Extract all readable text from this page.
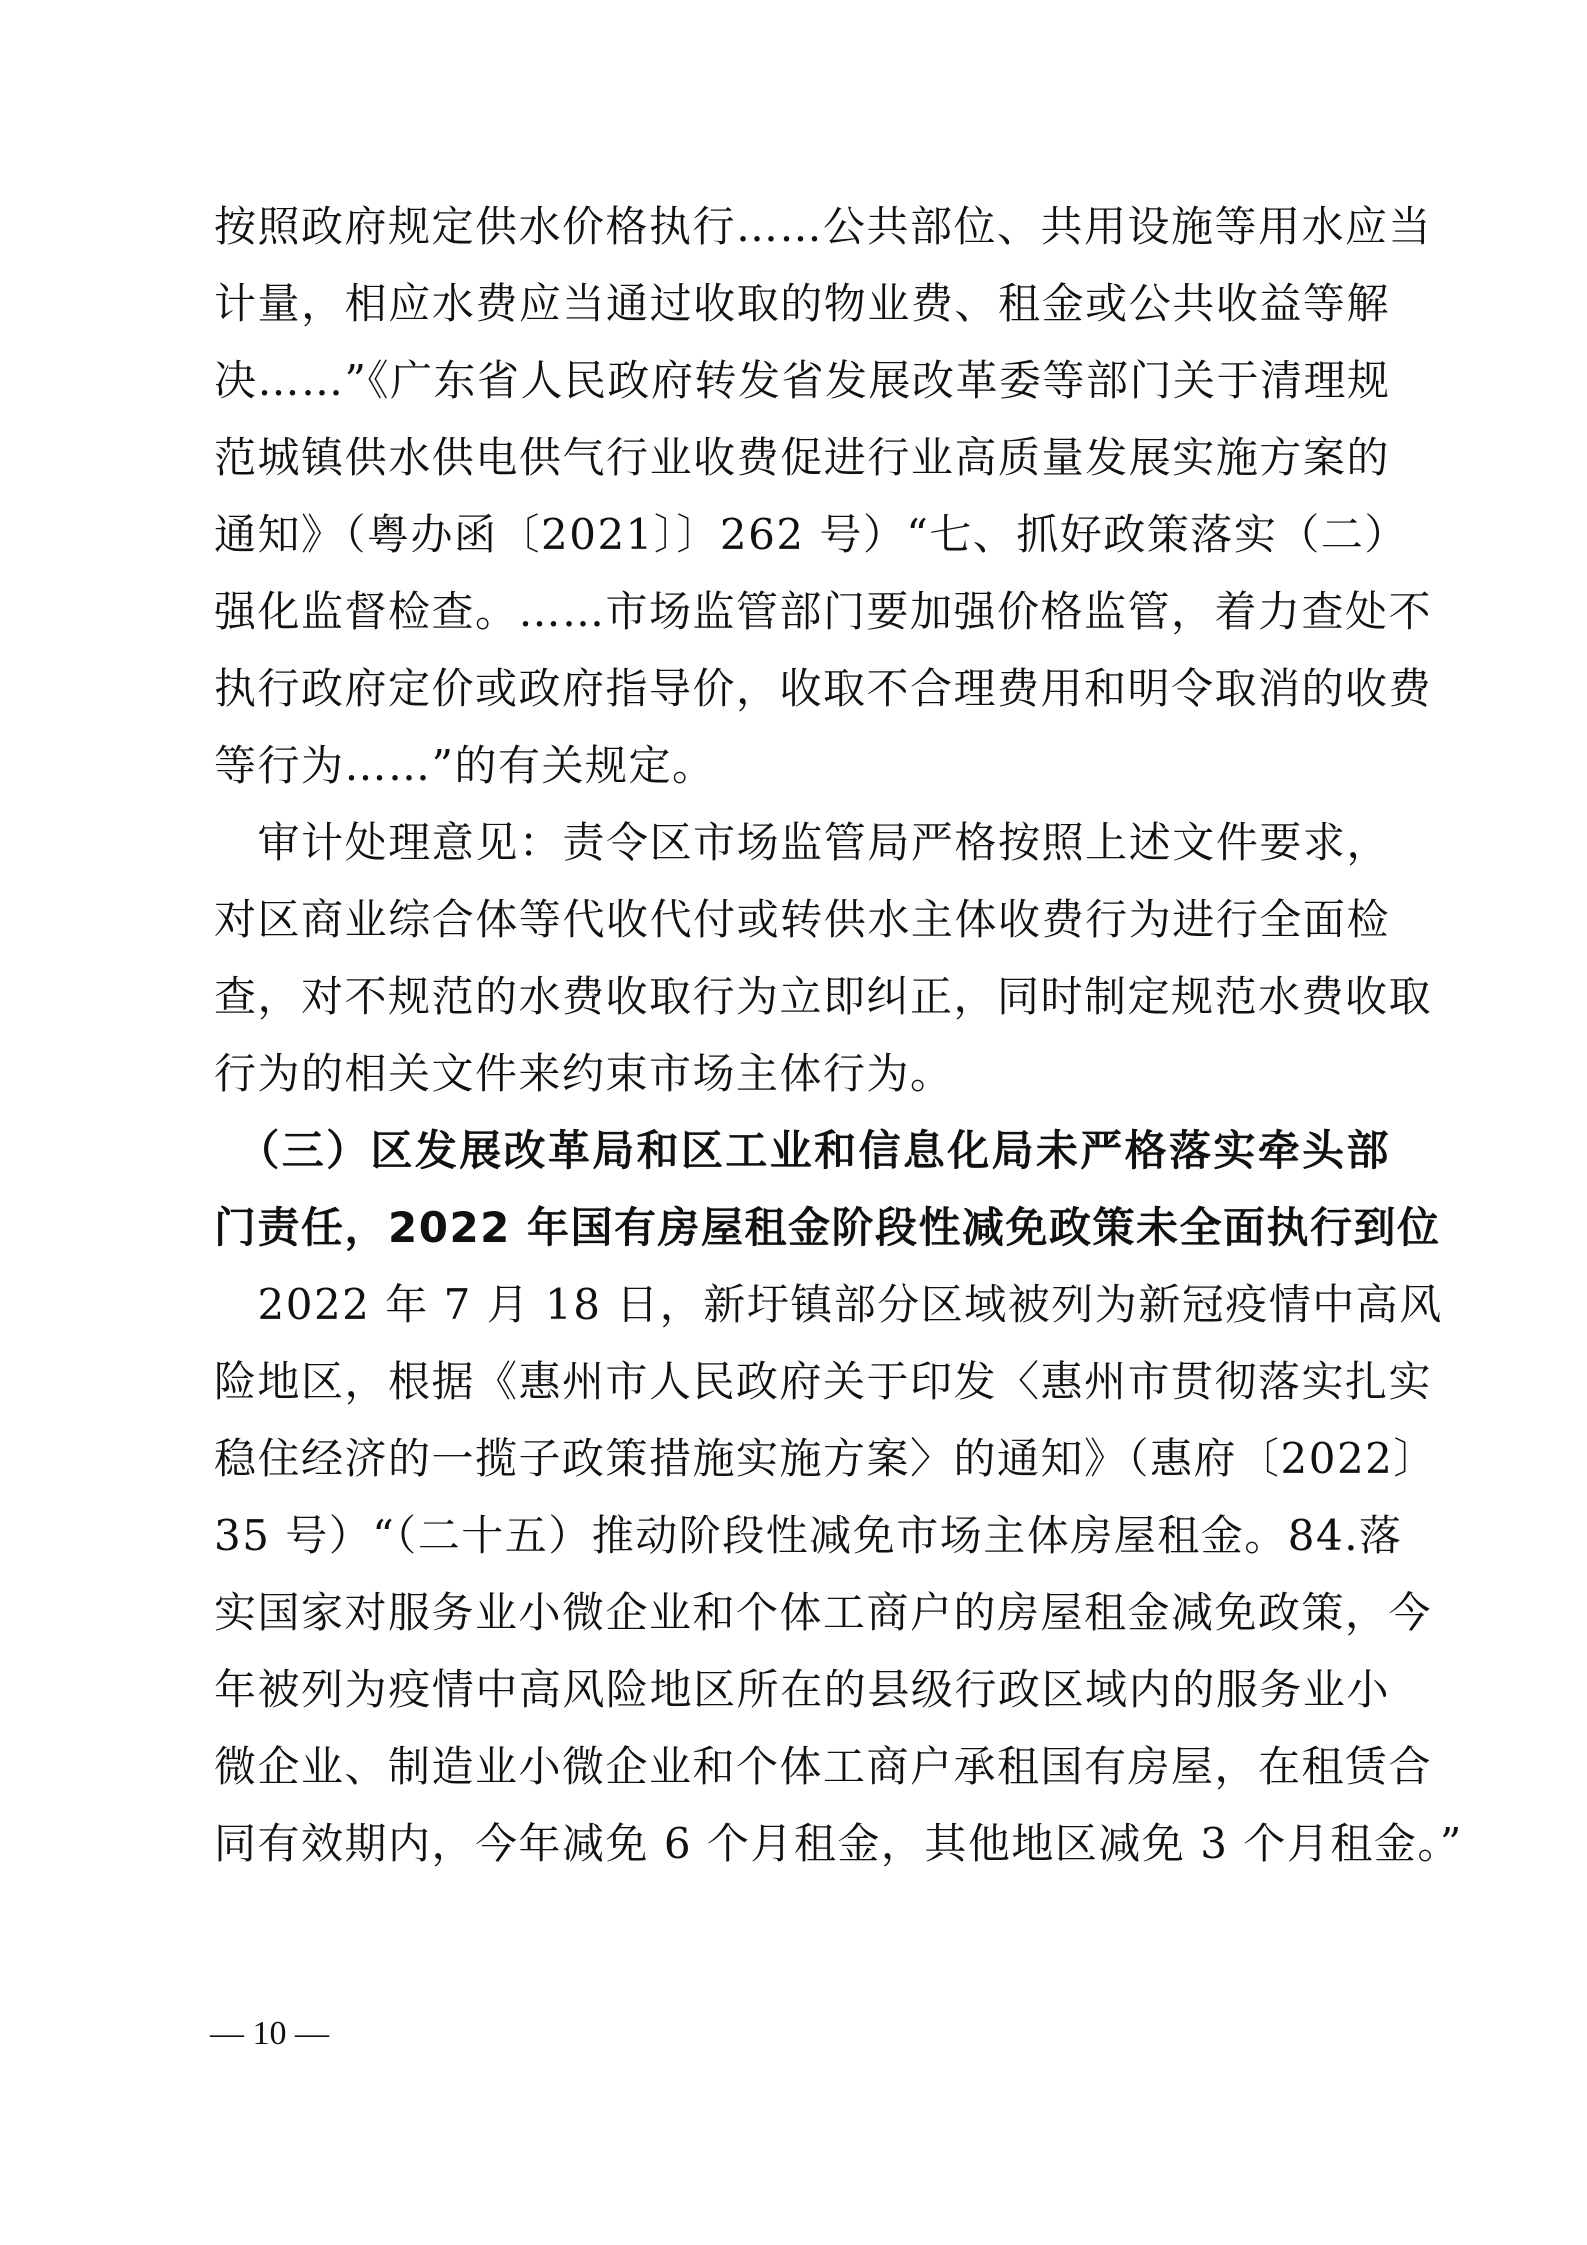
按照政府规定供水价格执行……公共部位、共用设施等用水应当
计量，相应水费应当通过收取的物业费、租金或公共收益等解
决……”《广东省人民政府转发省发展改革委等部门关于清理规
范城镇供水供电供气行业收费促进行业高质量发展实施方案的
通知》（粤办函〔2021〕〕262 号）“七、抓好政策落实（二）
强化监督检查。……市场监管部门要加强价格监管，着力查处不
执行政府定价或政府指导价，收取不合理费用和明令取消的收费
等行为……”的有关规定。
　审计处理意见：责令区市场监管局严格按照上述文件要求，
对区商业综合体等代收代付或转供水主体收费行为进行全面检
查，对不规范的水费收取行为立即纠正，同时制定规范水费收取
行为的相关文件来约束市场主体行为。
　（三）区发展改革局和区工业和信息化局未严格落实牵头部
门责任，2022 年国有房屋租金阶段性减免政策未全面执行到位
　2022 年 7 月 18 日，新圩镇部分区域被列为新冠疫情中高风
险地区，根据《惠州市人民政府关于印发〈惠州市贯彻落实扎实
稳住经济的一揽子政策措施实施方案〉的通知》（惠府〔2022〕
35 号）“（二十五）推动阶段性减免市场主体房屋租金。84.落
实国家对服务业小微企业和个体工商户的房屋租金减免政策，今
年被列为疫情中高风险地区所在的县级行政区域内的服务业小
微企业、制造业小微企业和个体工商户承租国有房屋，在租赁合
同有效期内，今年减免 6 个月租金，其他地区减免 3 个月租金。”
— 10 —
